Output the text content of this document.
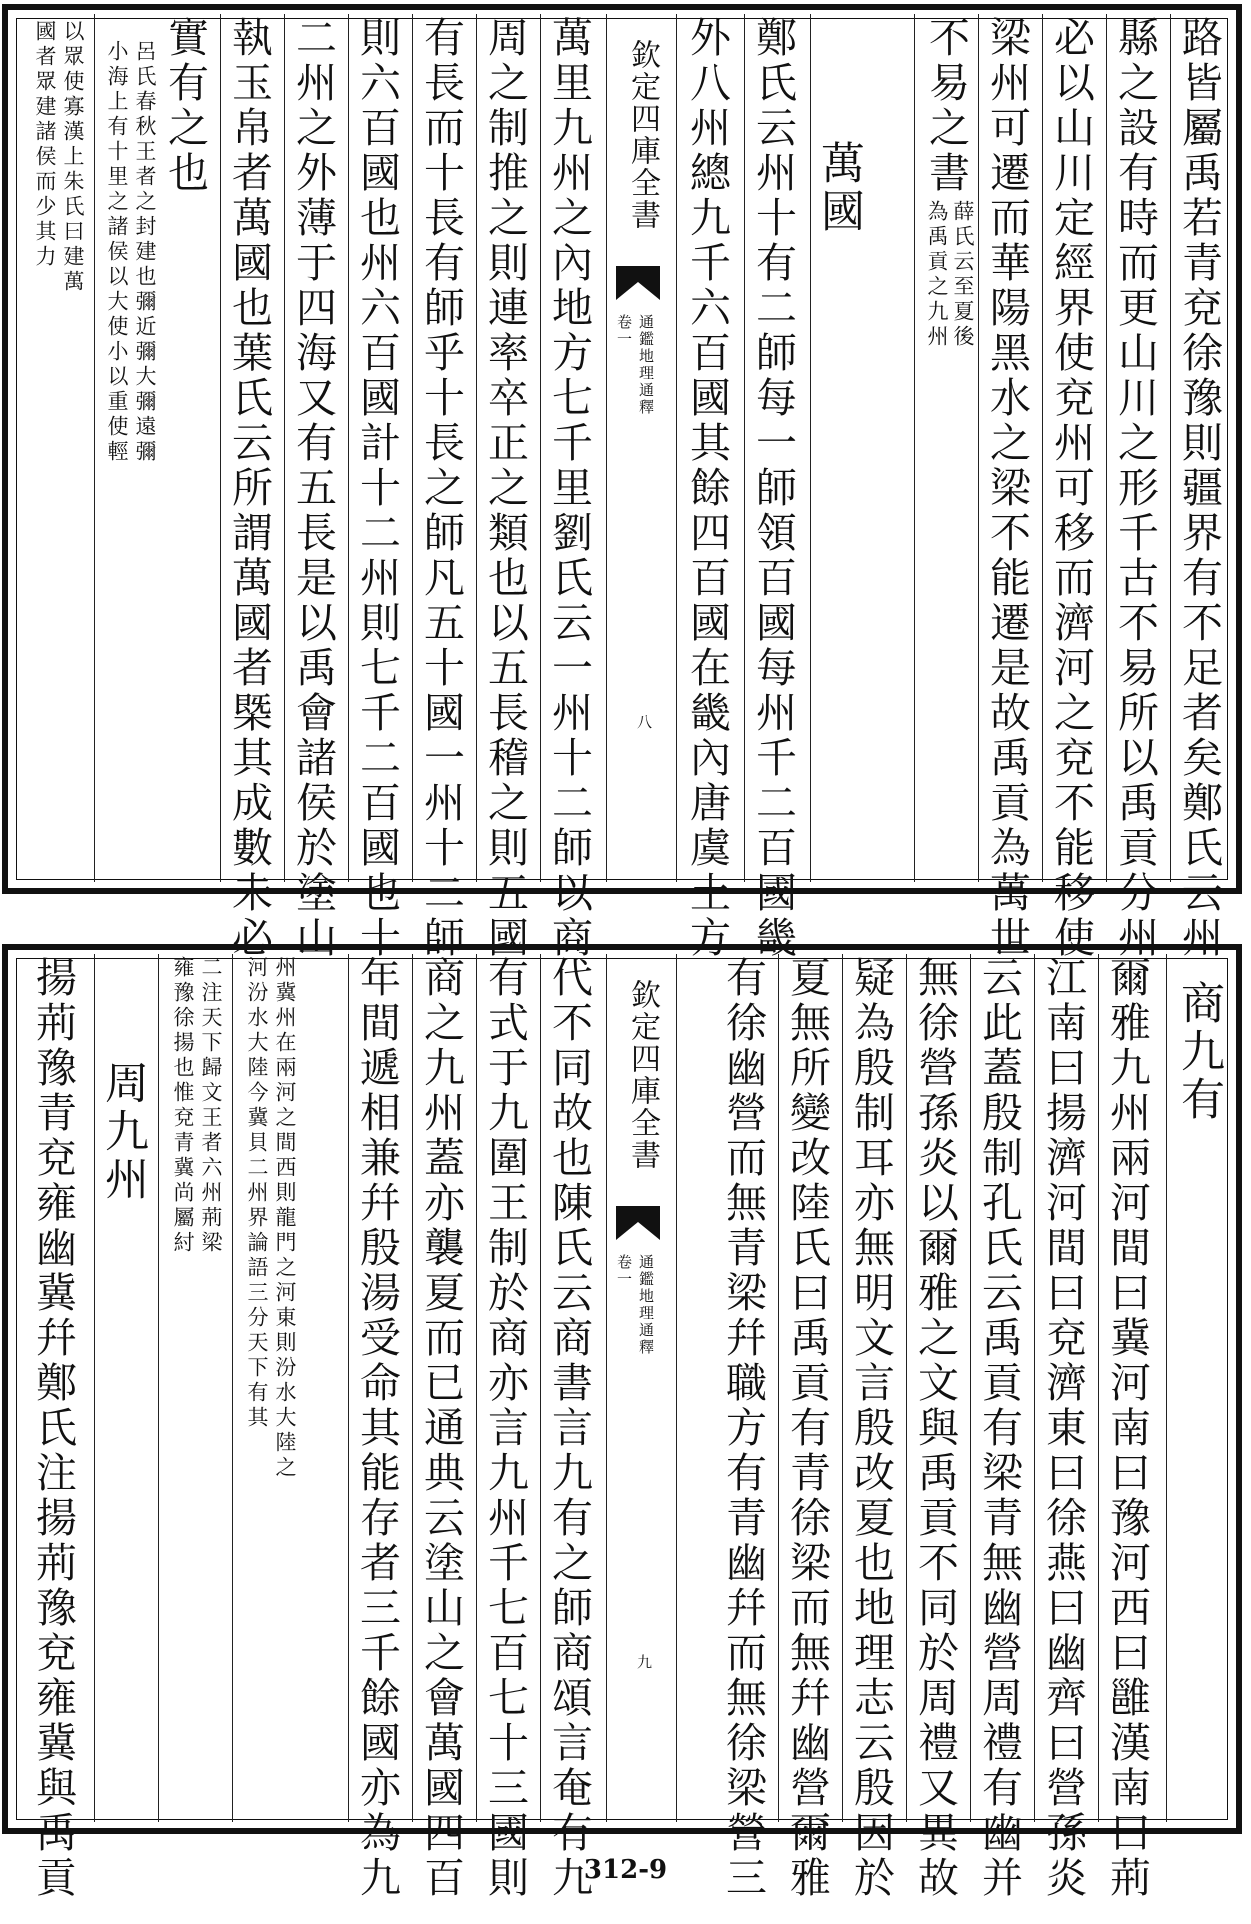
路皆屬禹若青兗徐豫則疆界有不足者矣鄭氏云州
縣之設有時而更山川之形千古不易所以禹貢分州
必以山川定經界使兗州可移而濟河之兗不能移使
梁州可遷而華陽黑水之梁不能遷是故禹貢為萬世
不易之書
薛氏云至夏後
為禹貢之九州
萬國
鄭氏云州十有二師每一師領百國每州千二百國畿
外八州總九千六百國其餘四百國在畿內唐虞土方
欽定四庫全書
通鑑地理通釋
卷一
八
萬里九州之內地方七千里劉氏云一州十二師以商
周之制推之則連率卒正之類也以五長稽之則五國
有長而十長有師乎十長之師凡五十國一州十二師
則六百國也州六百國計十二州則七千二百國也十
二州之外薄于四海又有五長是以禹會諸侯於塗山
執玉帛者萬國也葉氏云所謂萬國者槩其成數未必
實有之也
呂氏春秋王者之封建也彌近彌大彌遠彌
小海上有十里之諸侯以大使小以重使輕
以眾使寡漢上朱氏曰建萬
國者眾建諸侯而少其力
商九有
爾雅九州兩河間曰冀河南曰豫河西曰雝漢南曰荊
江南曰揚濟河間曰兗濟東曰徐燕曰幽齊曰營孫炎
云此蓋殷制孔氏云禹貢有梁青無幽營周禮有幽并
無徐營孫炎以爾雅之文與禹貢不同於周禮又異故
疑為殷制耳亦無明文言殷改夏也地理志云殷因於
夏無所變改陸氏曰禹貢有青徐梁而無幷幽營爾雅
有徐幽營而無青梁幷職方有青幽幷而無徐梁營三
欽定四庫全書
通鑑地理通釋
卷一
九
代不同故也陳氏云商書言九有之師商頌言奄有九
有式于九圍王制於商亦言九州千七百七十三國則
商之九州蓋亦襲夏而已通典云塗山之會萬國四百
年間遞相兼幷殷湯受命其能存者三千餘國亦為九
州冀州在兩河之間西則龍門之河東則汾水大陸之
河汾水大陸今冀貝二州界論語三分天下有其
二注天下歸文王者六州荊梁
雍豫徐揚也惟兗青冀尚屬紂
周九州
揚荊豫青兗雍幽冀幷鄭氏注揚荊豫兗雍冀與禹貢	312-9
